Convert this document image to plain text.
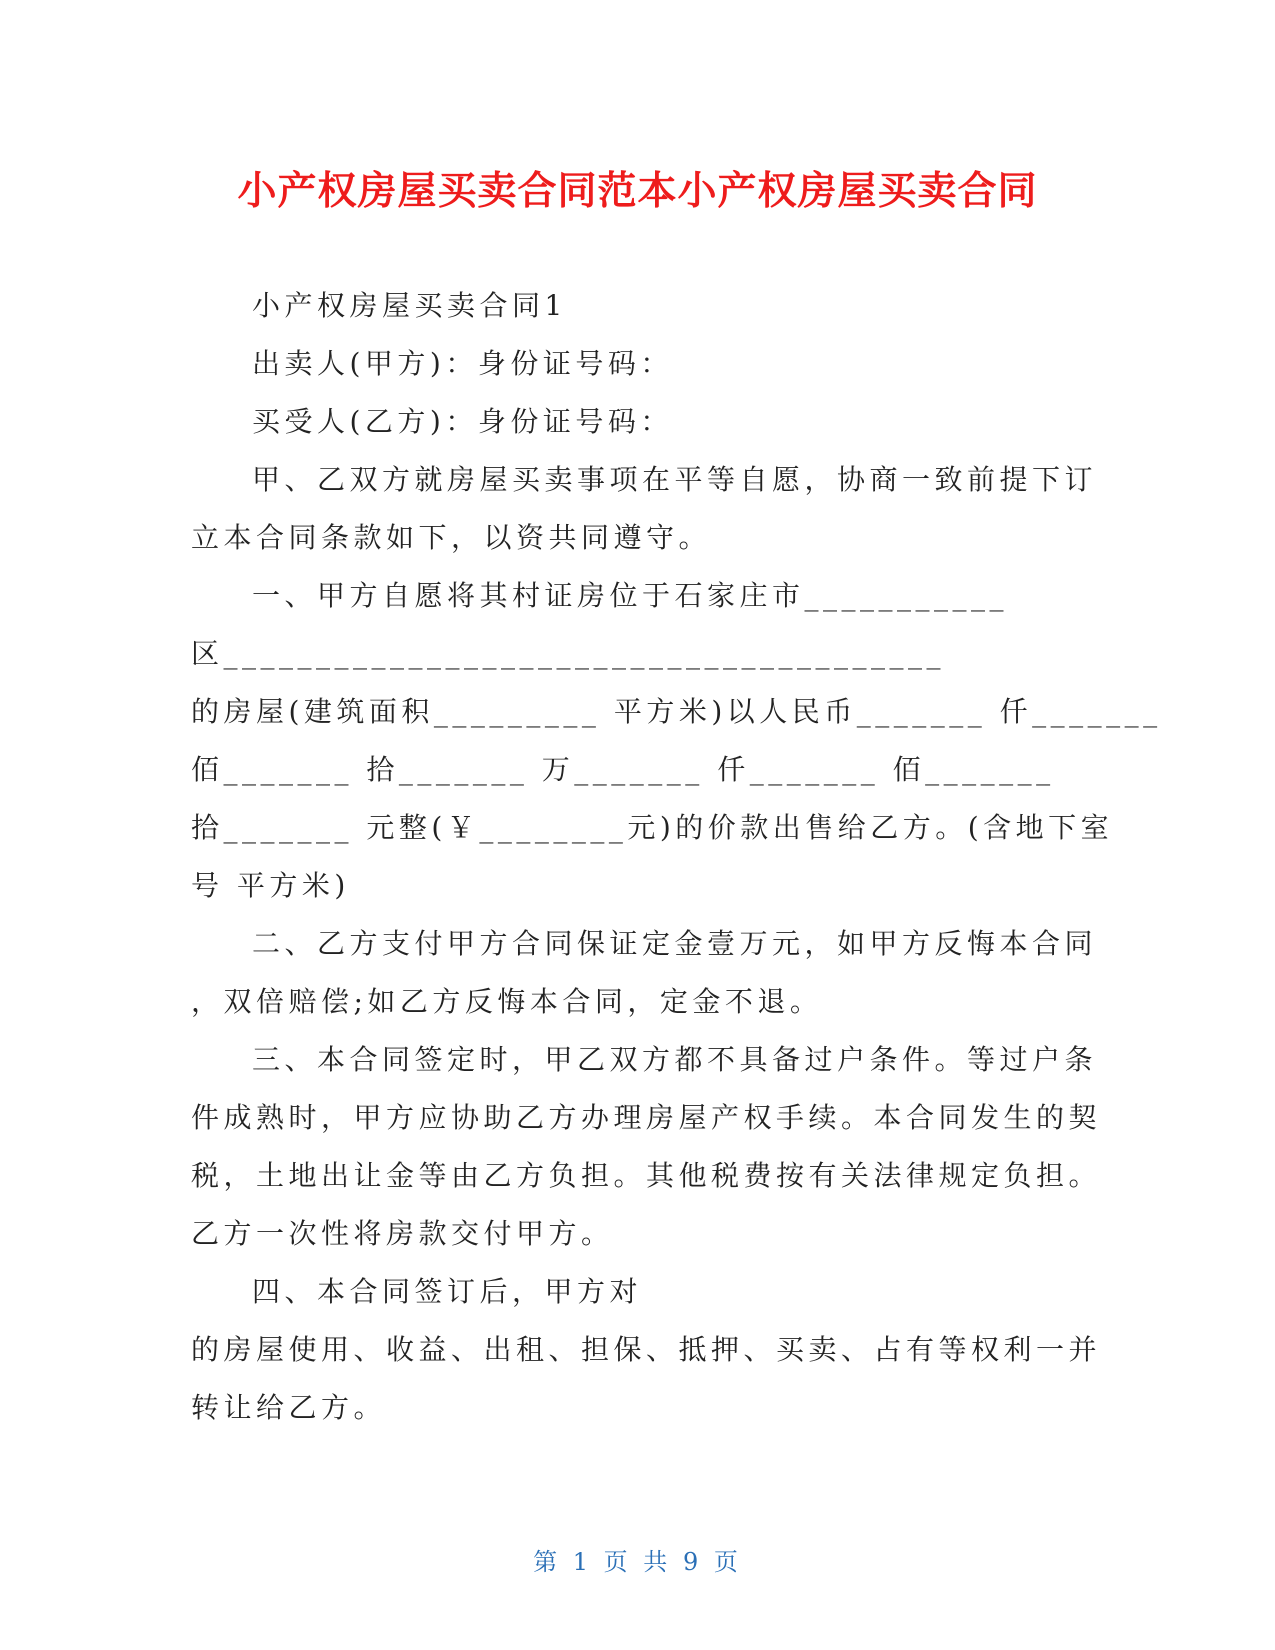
小产权房屋买卖合同范本小产权房屋买卖合同
小产权房屋买卖合同1
出卖人(甲方)：身份证号码：
买受人(乙方)：身份证号码：
甲、乙双方就房屋买卖事项在平等自愿，协商一致前提下订
立本合同条款如下，以资共同遵守。
一、甲方自愿将其村证房位于石家庄市___________
区_______________________________________
的房屋(建筑面积_________ 平方米)以人民币_______ 仟_______
佰_______ 拾_______ 万_______ 仟_______ 佰_______
拾_______ 元整(￥________元)的价款出售给乙方。(含地下室
号 平方米)
二、乙方支付甲方合同保证定金壹万元，如甲方反悔本合同
，双倍赔偿;如乙方反悔本合同，定金不退。
三、本合同签定时，甲乙双方都不具备过户条件。等过户条
件成熟时，甲方应协助乙方办理房屋产权手续。本合同发生的契
税，土地出让金等由乙方负担。其他税费按有关法律规定负担。
乙方一次性将房款交付甲方。
四、本合同签订后，甲方对
的房屋使用、收益、出租、担保、抵押、买卖、占有等权利一并
转让给乙方。
第 1 页 共 9 页
